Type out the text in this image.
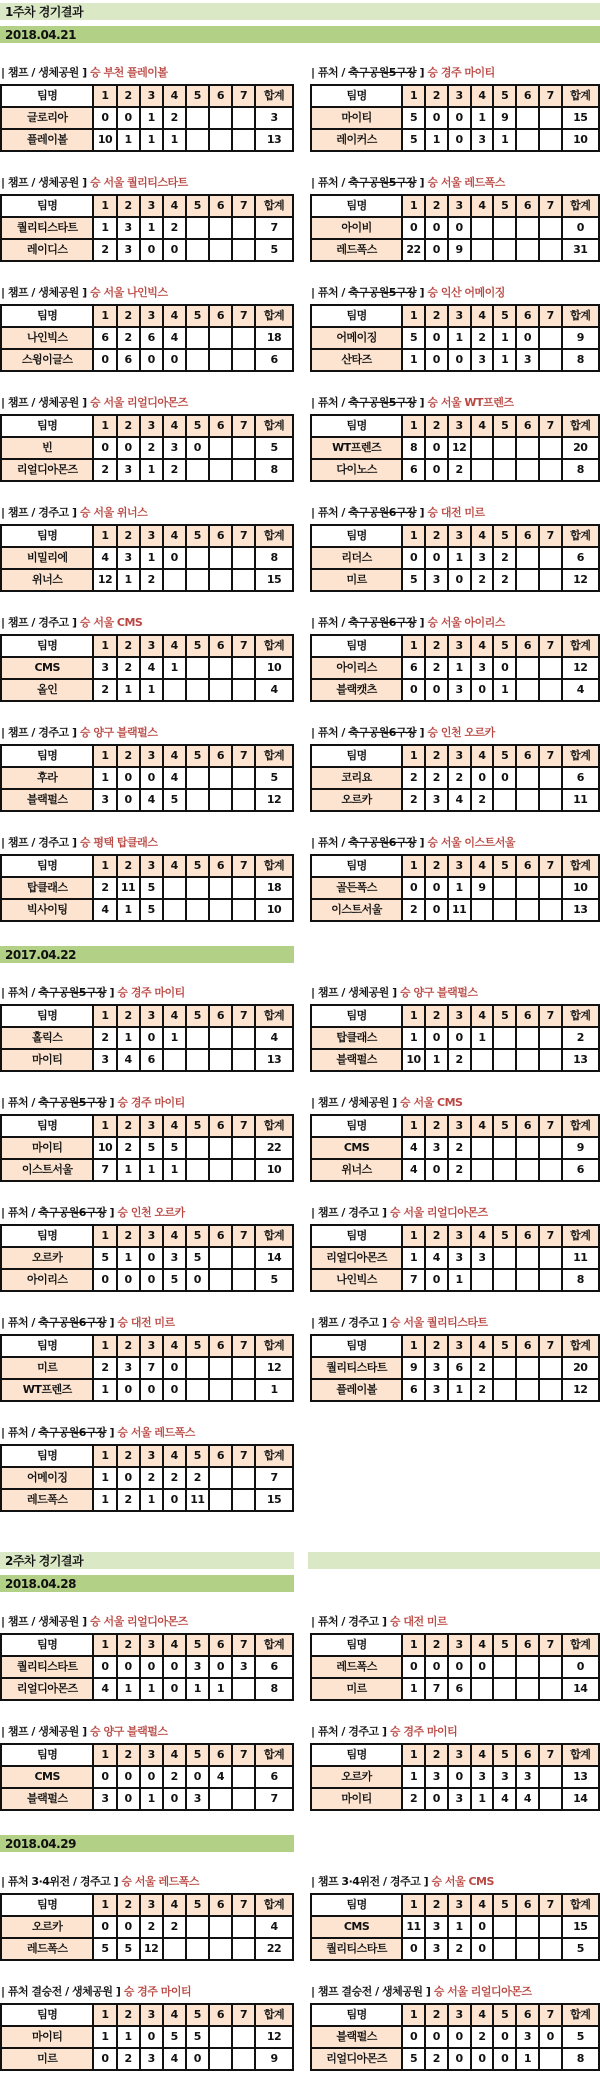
1주차 경기결과
2018.04.21
| 챔프 / 생체공원 ] 승 부천 플레이볼
팀명	1	2	3	4	5	6	7	합계
글로리아	0	0	1	2				3
플레이볼	10	1	1	1				13
| 퓨처 / 축구공원5구장 ] 승 경주 마이티
팀명	1	2	3	4	5	6	7	합계
마이티	5	0	0	1	9			15
레이커스	5	1	0	3	1			10
| 챔프 / 생체공원 ] 승 서울 퀄리티스타트
팀명	1	2	3	4	5	6	7	합계
퀄리티스타트	1	3	1	2				7
레이디스	2	3	0	0				5
| 퓨처 / 축구공원5구장 ] 승 서울 레드폭스
팀명	1	2	3	4	5	6	7	합계
아이비	0	0	0					0
레드폭스	22	0	9					31
| 챔프 / 생체공원 ] 승 서울 나인빅스
팀명	1	2	3	4	5	6	7	합계
나인빅스	6	2	6	4				18
스윙이글스	0	6	0	0				6
| 퓨처 / 축구공원5구장 ] 승 익산 어메이징
팀명	1	2	3	4	5	6	7	합계
어메이징	5	0	1	2	1	0		9
산타즈	1	0	0	3	1	3		8
| 챔프 / 생체공원 ] 승 서울 리얼디아몬즈
팀명	1	2	3	4	5	6	7	합계
빈	0	0	2	3	0			5
리얼디아몬즈	2	3	1	2				8
| 퓨처 / 축구공원5구장 ] 승 서울 WT프렌즈
팀명	1	2	3	4	5	6	7	합계
WT프렌즈	8	0	12					20
다이노스	6	0	2					8
| 챔프 / 경주고 ] 승 서울 위너스
팀명	1	2	3	4	5	6	7	합계
비밀리에	4	3	1	0				8
위너스	12	1	2					15
| 퓨처 / 축구공원6구장 ] 승 대전 미르
팀명	1	2	3	4	5	6	7	합계
리더스	0	0	1	3	2			6
미르	5	3	0	2	2			12
| 챔프 / 경주고 ] 승 서울 CMS
팀명	1	2	3	4	5	6	7	합계
CMS	3	2	4	1				10
올인	2	1	1					4
| 퓨처 / 축구공원6구장 ] 승 서울 아이리스
팀명	1	2	3	4	5	6	7	합계
아이리스	6	2	1	3	0			12
블랙캣츠	0	0	3	0	1			4
| 챔프 / 경주고 ] 승 양구 블랙펄스
팀명	1	2	3	4	5	6	7	합계
후라	1	0	0	4				5
블랙펄스	3	0	4	5				12
| 퓨처 / 축구공원6구장 ] 승 인천 오르카
팀명	1	2	3	4	5	6	7	합계
코리요	2	2	2	0	0			6
오르카	2	3	4	2				11
| 챔프 / 경주고 ] 승 평택 탑클래스
팀명	1	2	3	4	5	6	7	합계
탑클래스	2	11	5					18
빅사이팅	4	1	5					10
| 퓨처 / 축구공원6구장 ] 승 서울 이스트서울
팀명	1	2	3	4	5	6	7	합계
골든폭스	0	0	1	9				10
이스트서울	2	0	11					13
2017.04.22
| 퓨처 / 축구공원5구장 ] 승 경주 마이티
팀명	1	2	3	4	5	6	7	합계
홀릭스	2	1	0	1				4
마이티	3	4	6					13
| 챔프 / 생체공원 ] 승 양구 블랙펄스
팀명	1	2	3	4	5	6	7	합계
탑클래스	1	0	0	1				2
블랙펄스	10	1	2					13
| 퓨처 / 축구공원5구장 ] 승 경주 마이티
팀명	1	2	3	4	5	6	7	합계
마이티	10	2	5	5				22
이스트서울	7	1	1	1				10
| 챔프 / 생체공원 ] 승 서울 CMS
팀명	1	2	3	4	5	6	7	합계
CMS	4	3	2					9
위너스	4	0	2					6
| 퓨처 / 축구공원6구장 ] 승 인천 오르카
팀명	1	2	3	4	5	6	7	합계
오르카	5	1	0	3	5			14
아이리스	0	0	0	5	0			5
| 챔프 / 경주고 ] 승 서울 리얼디아몬즈
팀명	1	2	3	4	5	6	7	합계
리얼디아몬즈	1	4	3	3				11
나인빅스	7	0	1					8
| 퓨처 / 축구공원6구장 ] 승 대전 미르
팀명	1	2	3	4	5	6	7	합계
미르	2	3	7	0				12
WT프렌즈	1	0	0	0				1
| 챔프 / 경주고 ] 승 서울 퀄리티스타트
팀명	1	2	3	4	5	6	7	합계
퀄리티스타트	9	3	6	2				20
플레이볼	6	3	1	2				12
| 퓨처 / 축구공원6구장 ] 승 서울 레드폭스
팀명	1	2	3	4	5	6	7	합계
어메이징	1	0	2	2	2			7
레드폭스	1	2	1	0	11			15
2주차 경기결과
2018.04.28
| 챔프 / 생체공원 ] 승 서울 리얼디아몬즈
팀명	1	2	3	4	5	6	7	합계
퀄리티스타트	0	0	0	0	3	0	3	6
리얼디아몬즈	4	1	1	0	1	1		8
| 퓨처 / 경주고 ] 승 대전 미르
팀명	1	2	3	4	5	6	7	합계
레드폭스	0	0	0	0				0
미르	1	7	6					14
| 챔프 / 생체공원 ] 승 양구 블랙펄스
팀명	1	2	3	4	5	6	7	합계
CMS	0	0	0	2	0	4		6
블랙펄스	3	0	1	0	3			7
| 퓨처 / 경주고 ] 승 경주 마이티
팀명	1	2	3	4	5	6	7	합계
오르카	1	3	0	3	3	3		13
마이티	2	0	3	1	4	4		14
2018.04.29
| 퓨처 3·4위전 / 경주고 ] 승 서울 레드폭스
팀명	1	2	3	4	5	6	7	합계
오르카	0	0	2	2				4
레드폭스	5	5	12					22
| 챔프 3·4위전 / 경주고 ] 승 서울 CMS
팀명	1	2	3	4	5	6	7	합계
CMS	11	3	1	0				15
퀄리티스타트	0	3	2	0				5
| 퓨처 결승전 / 생체공원 ] 승 경주 마이티
팀명	1	2	3	4	5	6	7	합계
마이티	1	1	0	5	5			12
미르	0	2	3	4	0			9
| 챔프 결승전 / 생체공원 ] 승 서울 리얼디아몬즈
팀명	1	2	3	4	5	6	7	합계
블랙펄스	0	0	0	2	0	3	0	5
리얼디아몬즈	5	2	0	0	0	1		8
